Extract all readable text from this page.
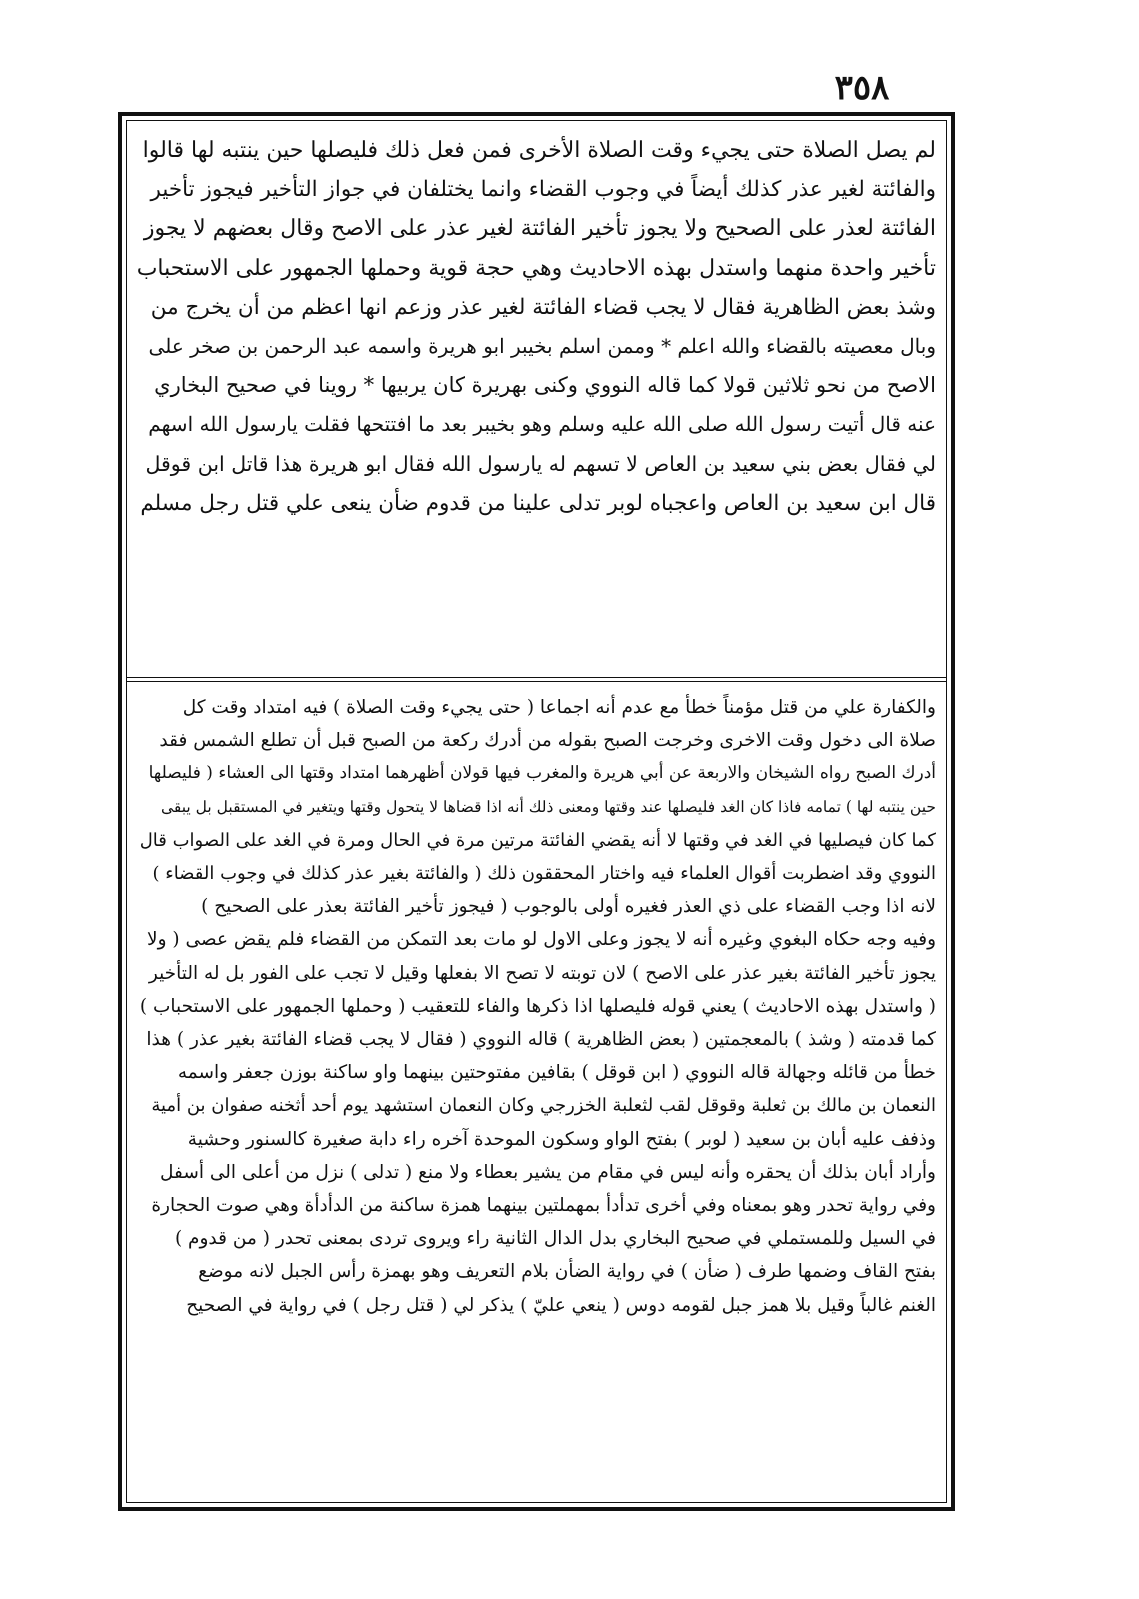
٣٥٨
لم يصل الصلاة حتى يجيء وقت الصلاة الأخرى فمن فعل ذلك فليصلها حين ينتبه لها قالوا
والفائتة لغير عذر كذلك أيضاً في وجوب القضاء وانما يختلفان في جواز التأخير فيجوز تأخير
الفائتة لعذر على الصحيح ولا يجوز تأخير الفائتة لغير عذر على الاصح وقال بعضهم لا يجوز
تأخير واحدة منهما واستدل بهذه الاحاديث وهي حجة قوية وحملها الجمهور على الاستحباب
وشذ بعض الظاهرية فقال لا يجب قضاء الفائتة لغير عذر وزعم انها اعظم من أن يخرج من
وبال معصيته بالقضاء والله اعلم * وممن اسلم بخيبر ابو هريرة واسمه عبد الرحمن بن صخر على
الاصح من نحو ثلاثين قولا كما قاله النووي وكنى بهريرة كان يربيها * روينا في صحيح البخاري
عنه قال أتيت رسول الله صلى الله عليه وسلم وهو بخيبر بعد ما افتتحها فقلت يارسول الله اسهم
لي فقال بعض بني سعيد بن العاص لا تسهم له يارسول الله فقال ابو هريرة هذا قاتل ابن قوقل
قال ابن سعيد بن العاص واعجباه لوبر تدلى علينا من قدوم ضأن ينعى علي قتل رجل مسلم
والكفارة علي من قتل مؤمناً خطأ مع عدم أنه اجماعا ( حتى يجيء وقت الصلاة ) فيه امتداد وقت كل
صلاة الى دخول وقت الاخرى وخرجت الصبح بقوله من أدرك ركعة من الصبح قبل أن تطلع الشمس فقد
أدرك الصبح رواه الشيخان والاربعة عن أبي هريرة والمغرب فيها قولان أظهرهما امتداد وقتها الى العشاء ( فليصلها
حين ينتبه لها ) تمامه فاذا كان الغد فليصلها عند وقتها ومعنى ذلك أنه اذا قضاها لا يتحول وقتها ويتغير في المستقبل بل يبقى
كما كان فيصليها في الغد في وقتها لا أنه يقضي الفائتة مرتين مرة في الحال ومرة في الغد على الصواب قال
النووي وقد اضطربت أقوال العلماء فيه واختار المحققون ذلك ( والفائتة بغير عذر كذلك في وجوب القضاء )
لانه اذا وجب القضاء على ذي العذر فغيره أولى بالوجوب ( فيجوز تأخير الفائتة بعذر على الصحيح )
وفيه وجه حكاه البغوي وغيره أنه لا يجوز وعلى الاول لو مات بعد التمكن من القضاء فلم يقض عصى ( ولا
يجوز تأخير الفائتة بغير عذر على الاصح ) لان توبته لا تصح الا بفعلها وقيل لا تجب على الفور بل له التأخير
( واستدل بهذه الاحاديث ) يعني قوله فليصلها اذا ذكرها والفاء للتعقيب ( وحملها الجمهور على الاستحباب )
كما قدمته ( وشذ ) بالمعجمتين ( بعض الظاهرية ) قاله النووي ( فقال لا يجب قضاء الفائتة بغير عذر ) هذا
خطأ من قائله وجهالة قاله النووي ( ابن قوقل ) بقافين مفتوحتين بينهما واو ساكنة بوزن جعفر واسمه
النعمان بن مالك بن ثعلبة وقوقل لقب لثعلبة الخزرجي وكان النعمان استشهد يوم أحد أثخنه صفوان بن أمية
وذفف عليه أبان بن سعيد ( لوبر ) بفتح الواو وسكون الموحدة آخره راء دابة صغيرة كالسنور وحشية
وأراد أبان بذلك أن يحقره وأنه ليس في مقام من يشير بعطاء ولا منع ( تدلى ) نزل من أعلى الى أسفل
وفي رواية تحدر وهو بمعناه وفي أخرى تدأدأ بمهملتين بينهما همزة ساكنة من الدأدأة وهي صوت الحجارة
في السيل وللمستملي في صحيح البخاري بدل الدال الثانية راء ويروى تردى بمعنى تحدر ( من قدوم )
بفتح القاف وضمها طرف ( ضأن ) في رواية الضأن بلام التعريف وهو بهمزة رأس الجبل لانه موضع
الغنم غالباً وقيل بلا همز جبل لقومه دوس ( ينعي عليّ ) يذكر لي ( قتل رجل ) في رواية في الصحيح
